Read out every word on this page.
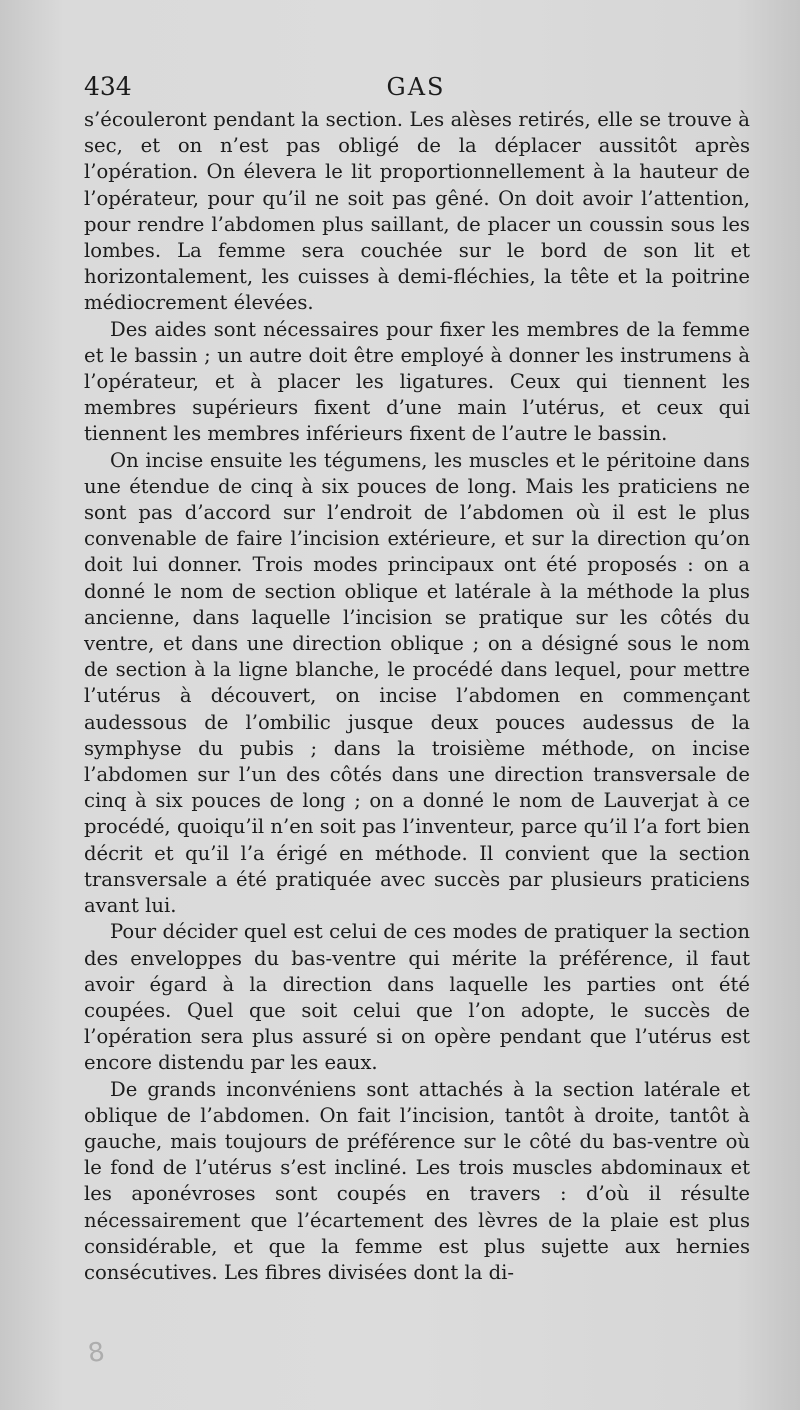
434	GAS

s’écouleront pendant la section. Les alèses retirés, elle se trouve à sec, et on n’est pas obligé de la déplacer aussitôt après l’opération. On élevera le lit proportionnellement à la hauteur de l’opérateur, pour qu’il ne soit pas gêné. On doit avoir l’attention, pour rendre l’abdomen plus saillant, de placer un coussin sous les lombes. La femme sera couchée sur le bord de son lit et horizontalement, les cuisses à demi-fléchies, la tête et la poitrine médiocrement élevées.

Des aides sont nécessaires pour fixer les membres de la femme et le bassin ; un autre doit être employé à donner les instrumens à l’opérateur, et à placer les ligatures. Ceux qui tiennent les membres supérieurs fixent d’une main l’utérus, et ceux qui tiennent les membres inférieurs fixent de l’autre le bassin.

On incise ensuite les tégumens, les muscles et le péritoine dans une étendue de cinq à six pouces de long. Mais les praticiens ne sont pas d’accord sur l’endroit de l’abdomen où il est le plus convenable de faire l’incision extérieure, et sur la direction qu’on doit lui donner. Trois modes principaux ont été proposés : on a donné le nom de section oblique et latérale à la méthode la plus ancienne, dans laquelle l’incision se pratique sur les côtés du ventre, et dans une direction oblique ; on a désigné sous le nom de section à la ligne blanche, le procédé dans lequel, pour mettre l’utérus à découvert, on incise l’abdomen en commençant audessous de l’ombilic jusque deux pouces audessus de la symphyse du pubis ; dans la troisième méthode, on incise l’abdomen sur l’un des côtés dans une direction transversale de cinq à six pouces de long ; on a donné le nom de Lauverjat à ce procédé, quoiqu’il n’en soit pas l’inventeur, parce qu’il l’a fort bien décrit et qu’il l’a érigé en méthode. Il convient que la section transversale a été pratiquée avec succès par plusieurs praticiens avant lui.

Pour décider quel est celui de ces modes de pratiquer la section des enveloppes du bas-ventre qui mérite la préférence, il faut avoir égard à la direction dans laquelle les parties ont été coupées. Quel que soit celui que l’on adopte, le succès de l’opération sera plus assuré si on opère pendant que l’utérus est encore distendu par les eaux.

De grands inconvéniens sont attachés à la section latérale et oblique de l’abdomen. On fait l’incision, tantôt à droite, tantôt à gauche, mais toujours de préférence sur le côté du bas-ventre où le fond de l’utérus s’est incliné. Les trois muscles abdominaux et les aponévroses sont coupés en travers : d’où il résulte nécessairement que l’écartement des lèvres de la plaie est plus considérable, et que la femme est plus sujette aux hernies consécutives. Les fibres divisées dont la di-

8
